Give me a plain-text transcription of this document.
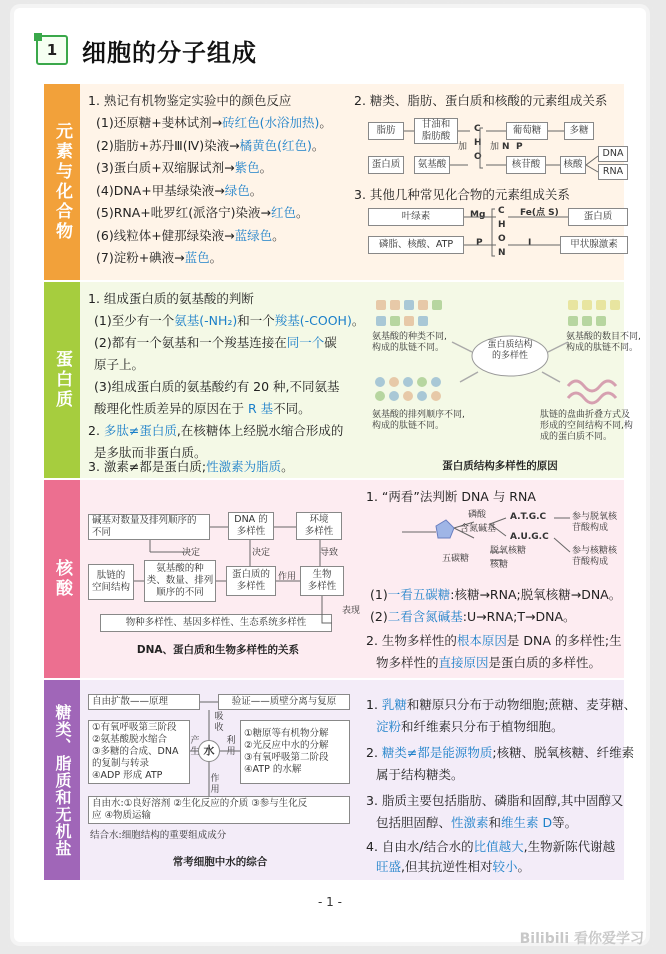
1	细胞的分子组成
元素与化合物
1. 熟记有机物鉴定实验中的颜色反应
(1)还原糖+斐林试剂→砖红色(水浴加热)。
(2)脂肪+苏丹Ⅲ(Ⅳ)染液→橘黄色(红色)。
(3)蛋白质+双缩脲试剂→紫色。
(4)DNA+甲基绿染液→绿色。
(5)RNA+吡罗红(派洛宁)染液→红色。
(6)线粒体+健那绿染液→蓝绿色。
(7)淀粉+碘液→蓝色。
2. 糖类、脂肪、蛋白质和核酸的元素组成关系
脂肪
甘油和
脂肪酸
C
H
O
葡萄糖	多糖
蛋白质	氨基酸
加	加 N P
核苷酸	核酸
DNA
RNA
3. 其他几种常见化合物的元素组成关系
叶绿素	Mg C
H
O
N
Fe(点 S)	蛋白质
磷脂、核酸、ATP	P	I	甲状腺激素
蛋白质
1. 组成蛋白质的氨基酸的判断
(1)至少有一个氨基(-NH₂)和一个羧基(-COOH)。
(2)都有一个氨基和一个羧基连接在同一个碳
原子上。
(3)组成蛋白质的氨基酸约有 20 种,不同氨基
酸理化性质差异的原因在于 R 基不同。
2. 多肽≠蛋白质,在核糖体上经脱水缩合形成的
是多肽而非蛋白质。
3. 激素≠都是蛋白质;性激素为脂质。
蛋白质结构
的多样性
氨基酸的种类不同,
构成的肽链不同。
氨基酸的数目不同,
构成的肽链不同。
氨基酸的排列顺序不同,
构成的肽链不同。
肽链的盘曲折叠方式及
形成的空间结构不同,构
成的蛋白质不同。
蛋白质结构多样性的原因
核酸
碱基对数量及排列顺序的
不同
DNA 的
多样性
环境
多样性
决定	决定	导致
肽链的
空间结构
氨基酸的种
类、数量、排列
顺序的不同
蛋白质的
多样性
作用	生物
多样性
表现
物种多样性、基因多样性、生态系统多样性
DNA、蛋白质和生物多样性的关系
1. “两看”法判断 DNA 与 RNA
磷酸
含氮碱基
A.T.G.C
A.U.G.C
五碳糖
脱氧核糖
核糖
参与脱氧核苷酸构成
参与核糖核苷酸构成
(1)一看五碳糖:核糖→RNA;脱氧核糖→DNA。
(2)二看含氮碱基:U→RNA;T→DNA。
2. 生物多样性的根本原因是 DNA 的多样性;生
物多样性的直接原因是蛋白质的多样性。
糖类、脂质和无机盐
自由扩散——原理	验证——质壁分离与复原
①有氧呼吸第三阶段
②氨基酸脱水缩合
③多糖的合成、DNA
的复制与转录
④ADP 形成 ATP
①糖原等有机物分解
②光反应中水的分解
③有氧呼吸第二阶段
④ATP 的水解
水
吸收
产生
利用
作用
自由水:①良好溶剂 ②生化反应的介质 ③参与生化反
应 ④物质运输
结合水:细胞结构的重要组成成分
常考细胞中水的综合
1. 乳糖和糖原只分布于动物细胞;蔗糖、麦芽糖、
淀粉和纤维素只分布于植物细胞。
2. 糖类≠都是能源物质;核糖、脱氧核糖、纤维素
属于结构糖类。
3. 脂质主要包括脂肪、磷脂和固醇,其中固醇又
包括胆固醇、性激素和维生素 D等。
4. 自由水/结合水的比值越大,生物新陈代谢越
旺盛,但其抗逆性相对较小。
- 1 -
Bilibili 看你爱学习
